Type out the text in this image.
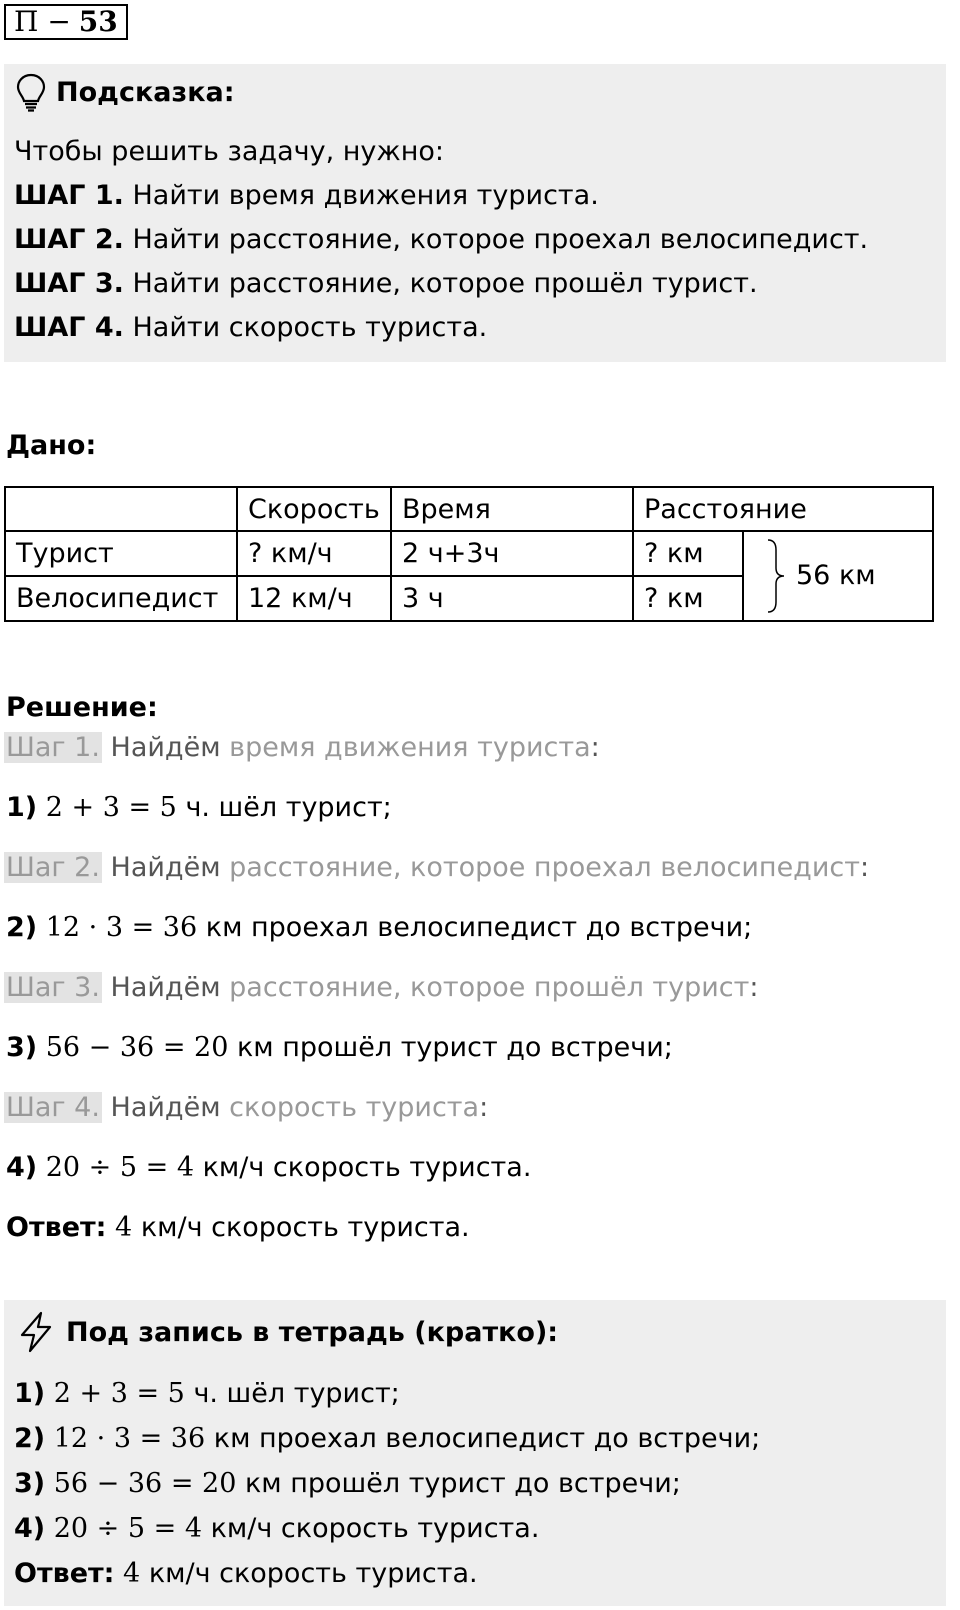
П − 53
Подсказка:
Чтобы решить задачу, нужно:
ШАГ 1. Найти время движения туриста.
ШАГ 2. Найти расстояние, которое проехал велосипедист.
ШАГ 3. Найти расстояние, которое прошёл турист.
ШАГ 4. Найти скорость туриста.
Дано:
	Скорость	Время	Расстояние	
Турист	? км/ч	2 ч+3ч	? км	56 км

Велосипедист	12 км/ч	3 ч	? км	
Решение:
Шаг 1. Найдём время движения туриста:
1) 2 + 3 = 5 ч. шёл турист;
Шаг 2. Найдём расстояние, которое проехал велосипедист:
2) 12 · 3 = 36 км проехал велосипедист до встречи;
Шаг 3. Найдём расстояние, которое прошёл турист:
3) 56 − 36 = 20 км прошёл турист до встречи;
Шаг 4. Найдём скорость туриста:
4) 20 ÷ 5 = 4 км/ч скорость туриста.
Ответ: 4 км/ч скорость туриста.
Под запись в тетрадь (кратко):
1) 2 + 3 = 5 ч. шёл турист;
2) 12 · 3 = 36 км проехал велосипедист до встречи;
3) 56 − 36 = 20 км прошёл турист до встречи;
4) 20 ÷ 5 = 4 км/ч скорость туриста.
Ответ: 4 км/ч скорость туриста.
